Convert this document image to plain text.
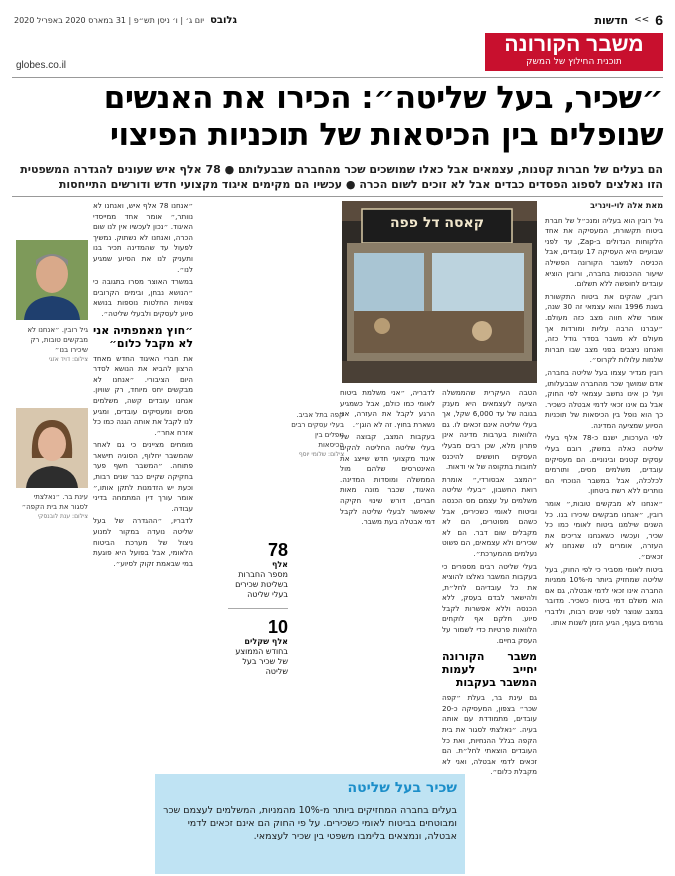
6
>>
חדשות
גלובס
יום ג׳ | ו׳ ניסן תש״פ | 31 במארס 2020 באפריל 2020
משבר הקורונה
תוכנית החילוץ של המשק
globes.co.il
״שכיר, בעל שליטה״: הכירו את האנשים
שנופלים בין הכיסאות של תוכניות הפיצוי
הם בעלים של חברות קטנות, עצמאים אבל כאלו שמושכים שכר מהחברה שבבעלותם ● 78 אלף איש שעונים להגדרה המשפטית
הזו נאלצים לספוג הפסדים כבדים אבל לא זוכים לשום הכרה ● עכשיו הם מקימים איגוד מקצועי חדש ודורשים התייחסות
מאת אלה לוי-וינריב

גיל רובין הוא בעליה ומנכ״ל של חברת ביטוח תקשורת, המעסיקה את אחד הלקוחות הגדולים ב-Zap, עד לפני שבועיים היא העסיקה 17 עובדים, אבל הכניסה למשבר הקורונה הפשילה שיעור ההכנסות בחברה, ורובין הוציא עובדים לחופשה ללא תשלום.

רובין, שהקים את ביטוח התקשורת בשנת 1996 והוא עצמאי זה 30 שנה, אומר שלא חווה מצב כזה מעולם. ״עברנו הרבה עליות ומורדות אך מעולם לא משבר בסדר גודל כזה, ואנחנו ניצבים בפני מצב שבו חברות שלמות עלולות לקרוס״.

רובין מגדיר עצמו בעל שליטה בחברה, אדם שמושך שכר מהחברה שבבעלותו, ועל כן אינו נחשב עצמאי לפי החוק, אבל גם אינו זכאי לדמי אבטלה כשכיר. כך הוא נופל בין הכיסאות של תוכניות הסיוע שמציעה המדינה.

לפי הערכות, ישנם כ-78 אלף בעלי שליטה כאלה במשק, רובם בעלי עסקים קטנים ובינוניים. הם מעסיקים עובדים, משלמים מסים, ותורמים לכלכלה, אבל במשבר הנוכחי הם נותרים ללא רשת ביטחון.

״אנחנו לא מבקשים טובות,״ אומר רובין, ״אנחנו מבקשים שיכירו בנו. כל השנים שילמנו ביטוח לאומי כמו כל שכיר, ועכשיו כשאנחנו צריכים את העזרה, אומרים לנו שאנחנו לא זכאים״.

ביטוח לאומי מסביר כי לפי החוק, בעל שליטה שמחזיק ביותר מ-10% ממניות החברה אינו זכאי לדמי אבטלה, גם אם הוא משלם דמי ביטוח כשכיר. מדובר במצב שנוצר לפני שנים רבות, ולדברי גורמים בענף, הגיע הזמן לשנות אותו.

קאסה דל פפה
קפה בתל אביב. בעלי עסקים רבים נופלים בין הכיסאות
צילום: שלומי יוסף

הטבה העיקרית שהממשלה הציעה לעצמאים היא מענק בגובה של עד 6,000 שקל, אך בעלי שליטה אינם זכאים לו. גם הלוואות בערבות מדינה אינן פתרון מלא, שכן רבים מבעלי העסקים חוששים להיכנס לחובות בתקופה של אי ודאות.

״המצב אבסורדי,״ אומרת רואת החשבון, ״בעלי שליטה משלמים על עצמם מס הכנסה וביטוח לאומי כשכירים, אבל כשהם מפוטרים, הם לא מקבלים שום דבר. הם לא שכירים ולא עצמאים, הם פשוט נעלמים מהמערכת״.

בעלי שליטה רבים מספרים כי בעקבות המשבר נאלצו להוציא את כל עובדיהם לחל״ת, ולהישאר לבדם בעסק, ללא הכנסה וללא אפשרות לקבל סיוע. חלקם אף לוקחים הלוואות פרטיות כדי לשמור על העסק בחיים.

משבר הקורונה יחייב לעמות המשבר בעקבות

גם עינת בר, בעלת ״קפה שכר״ בצפון, המעסיקה כ-20 עובדים, מתמודדת עם אותה בעיה. ״נאלצתי לסגור את בית הקפה בגלל ההנחיות, ואת כל העובדים הוצאתי לחל״ת. הם זכאים לדמי אבטלה, ואני לא מקבלת כלום״.

לדבריה, ״אני משלמת ביטוח לאומי כמו כולם, אבל כשמגיע הרגע לקבל את העזרה, אני נשארת בחוץ. זה לא הוגן״.

בעקבות המצב, קבוצה של בעלי שליטה החליטה להקים איגוד מקצועי חדש שייצג את האינטרסים שלהם מול הממשלה ומוסדות המדינה. האיגוד, שכבר מונה מאות חברים, דורש שינוי חקיקה שיאפשר לבעלי שליטה לקבל דמי אבטלה בעת משבר.

78
אלף
מספר החברות בשליטת שכירים בעלי שליטה
10
אלף שקלים
בחודש הממוצע של שכיר בעל שליטה

״אנחנו 78 אלף איש, ואנחנו לא נוותר,״ אומר אחד ממייסדי האיגוד. ״נכון לעכשיו אין לנו שום הכרה, ואנחנו לא נשתוק. נמשיך לפעול עד שהמדינה תכיר בנו ותעניק לנו את הסיוע שמגיע לנו״.

במשרד האוצר מסרו בתגובה כי ״הנושא נבחן, ובימים הקרובים צפויות החלטות נוספות בנושא סיוע לעסקים ולבעלי שליטה״.

״חוץ מאמפתיה אני לא מקבל כלום״

את חברי האיגוד החדש מאחד הרצון להביא את הנושא לסדר היום הציבורי. ״אנחנו לא מבקשים יחס מיוחד, רק שוויון. אנחנו עובדים קשה, משלמים מסים ומעסיקים עובדים, ומגיע לנו לקבל את אותה הגנה כמו כל אזרח אחר״.

מומחים מציינים כי גם לאחר שהמשבר יחלוף, הסוגיה תישאר פתוחה. ״המשבר חשף פער בחקיקה שקיים כבר שנים רבות, וכעת יש הזדמנות לתקן אותו,״ אומר עורך דין המתמחה בדיני עבודה.

לדבריו, ״ההגדרה של בעל שליטה נועדה במקור למנוע ניצול של מערכת הביטוח הלאומי, אבל בפועל היא פוגעת במי שבאמת זקוק לסיוע״.

גיל רובין. ״אנחנו לא מבקשים טובות, רק שיכירו בנו״
צילום: דויד אזגי
עינת בר. ״נאלצתי לסגור את בית הקפה״
צילום: ענת לובנסקי
שכיר בעל שליטה
בעלים בחברה המחזיקים ביותר מ-10% מהמניות, המשלמים לעצמם שכר ומבוטחים בביטוח לאומי כשכירים. על פי החוק הם אינם זכאים לדמי אבטלה, ונמצאים בלימבו משפטי בין שכיר לעצמאי.
